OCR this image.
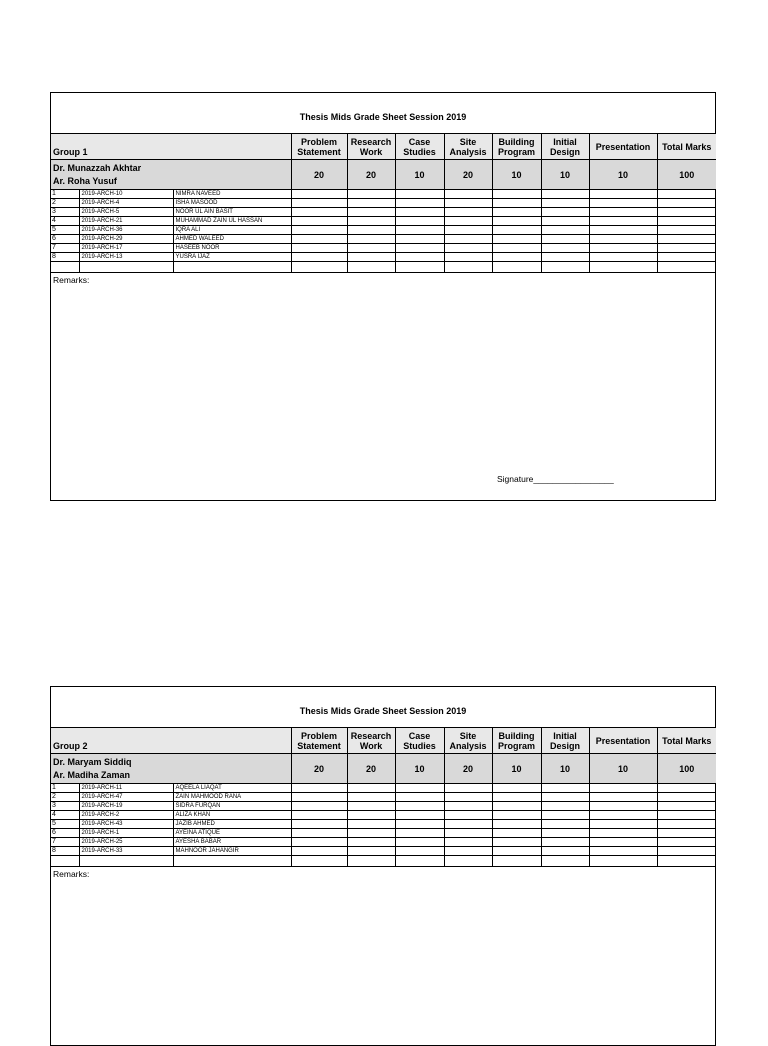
Thesis Mids Grade Sheet Session 2019
Group 1			Problem Statement	Research Work	Case Studies	Site Analysis	Building Program	Initial Design	Presentation	Total Marks

Dr. Munazzah Akhtar
Ar. Roha Yusuf			20	20	10	20	10	10	10	100
1	2019-ARCH-10	NIMRA NAVEED								
2	2019-ARCH-4	ISHA MASOOD								
3	2019-ARCH-5	NOOR UL AIN BASIT								
4	2019-ARCH-21	MUHAMMAD ZAIN UL HASSAN								
5	2019-ARCH-36	IQRA ALI								
6	2019-ARCH-29	AHMED WALEED								
7	2019-ARCH-17	HASEEB NOOR								
8	2019-ARCH-13	YUSRA IJAZ								

Remarks:
Signature_________________
Thesis Mids Grade Sheet Session 2019
Group 2			Problem Statement	Research Work	Case Studies	Site Analysis	Building Program	Initial Design	Presentation	Total Marks

Dr. Maryam Siddiq
Ar. Madiha Zaman			20	20	10	20	10	10	10	100
1	2019-ARCH-11	AQEELA LIAQAT								
2	2019-ARCH-47	ZAIN MAHMOOD RANA								
3	2019-ARCH-19	SIDRA FURQAN								
4	2019-ARCH-2	ALIZA KHAN								
5	2019-ARCH-43	JAZIB AHMED								
6	2019-ARCH-1	AYEINA ATIQUE								
7	2019-ARCH-25	AYESHA BABAR								
8	2019-ARCH-33	MAHNOOR JAHANGIR								

Remarks:
